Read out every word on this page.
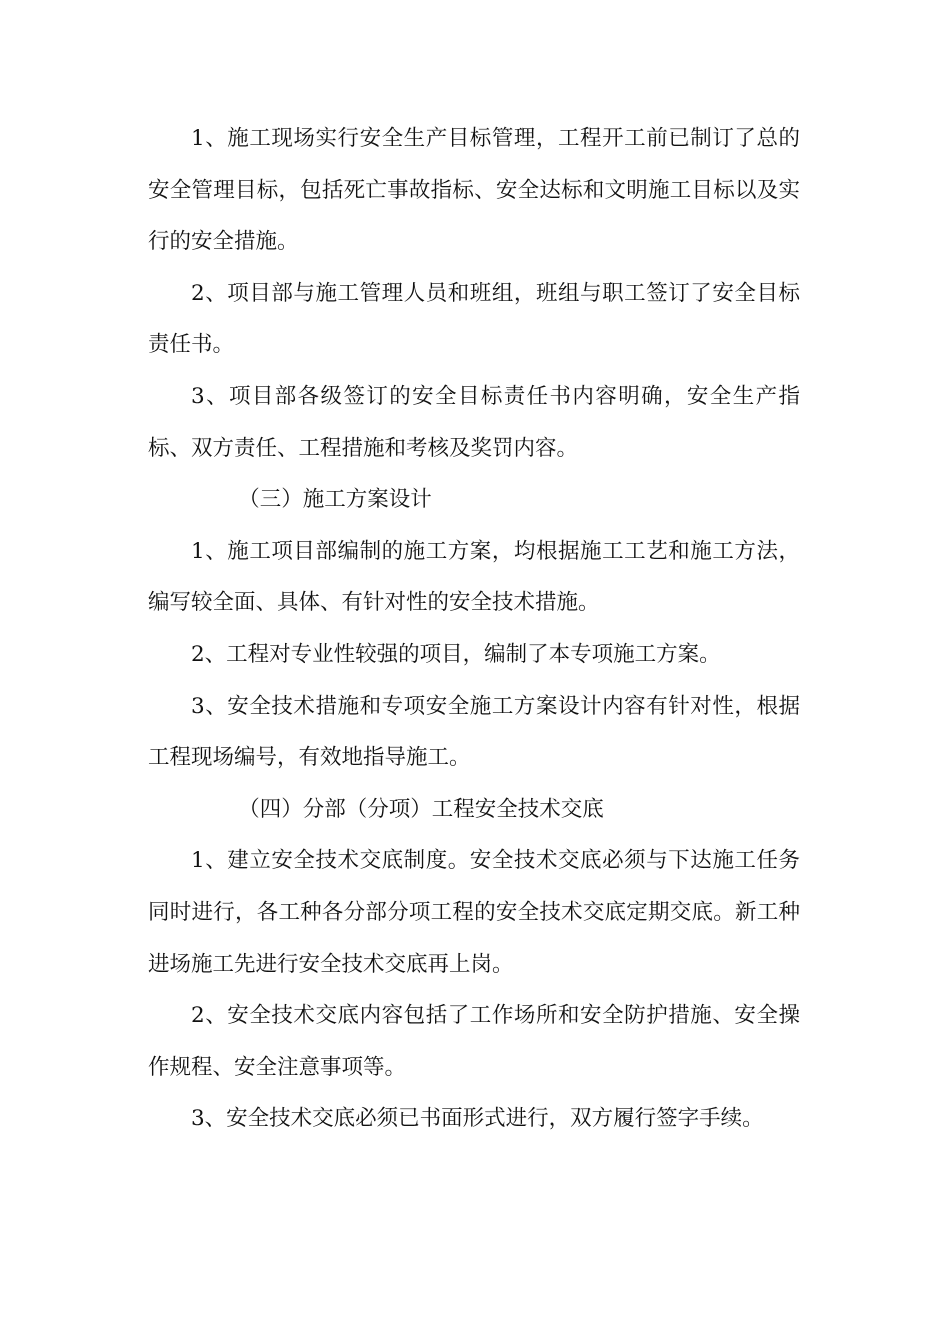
1、施工现场实行安全生产目标管理，工程开工前已制订了总的安全管理目标，包括死亡事故指标、安全达标和文明施工目标以及实行的安全措施。

2、项目部与施工管理人员和班组，班组与职工签订了安全目标责任书。

3、项目部各级签订的安全目标责任书内容明确，安全生产指标、双方责任、工程措施和考核及奖罚内容。

（三）施工方案设计

1、施工项目部编制的施工方案，均根据施工工艺和施工方法，编写较全面、具体、有针对性的安全技术措施。

2、工程对专业性较强的项目，编制了本专项施工方案。

3、安全技术措施和专项安全施工方案设计内容有针对性，根据工程现场编号，有效地指导施工。

（四）分部（分项）工程安全技术交底

1、建立安全技术交底制度。安全技术交底必须与下达施工任务同时进行，各工种各分部分项工程的安全技术交底定期交底。新工种进场施工先进行安全技术交底再上岗。

2、安全技术交底内容包括了工作场所和安全防护措施、安全操作规程、安全注意事项等。

3、安全技术交底必须已书面形式进行，双方履行签字手续。
